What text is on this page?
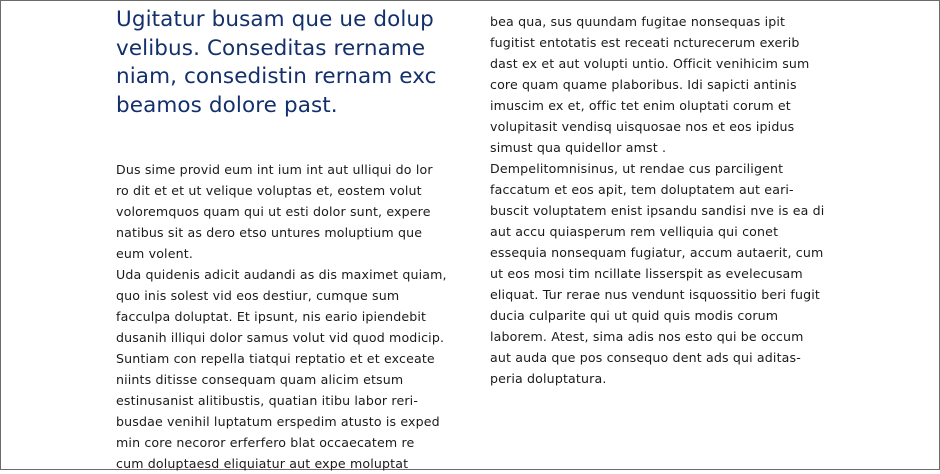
Ugitatur busam que ue dolup
velibus. Conseditas rername
niam, consedistin rernam exc
beamos dolore past.

Dus sime provid eum int ium int aut ulliqui do lor
ro dit et et ut velique voluptas et, eostem volut
voloremquos quam qui ut esti dolor sunt, expere
natibus sit as dero etso untures moluptium que
eum volent.

Uda quidenis adicit audandi as dis maximet quiam,
quo inis solest vid eos destiur, cumque sum
facculpa doluptat. Et ipsunt, nis eario ipiendebit
dusanih illiqui dolor samus volut vid quod modicip.
Suntiam con repella tiatqui reptatio et et exceate
niints ditisse consequam quam alicim etsum
estinusanist alitibustis, quatian itibu labor reri-
busdae venihil luptatum erspedim atusto is exped
min core necoror erferfero blat occaecatem re
cum doluptaesd eliquiatur aut expe moluptat

bea qua, sus quundam fugitae nonsequas ipit
fugitist entotatis est receati ncturecerum exerib
dast ex et aut volupti untio. Officit venihicim sum
core quam quame plaboribus. Idi sapicti antinis
imuscim ex et, offic tet enim oluptati corum et
volupitasit vendisq uisquosae nos et eos ipidus
simust qua quidellor amst .

Dempelitomnisinus, ut rendae cus parciligent
faccatum et eos apit, tem doluptatem aut eari-
buscit voluptatem enist ipsandu sandisi nve is ea di
aut accu quiasperum rem velliquia qui conet
essequia nonsequam fugiatur, accum autaerit, cum
ut eos mosi tim ncillate lisserspit as evelecusam
eliquat. Tur rerae nus vendunt isquossitio beri fugit
ducia culparite qui ut quid quis modis corum
laborem. Atest, sima adis nos esto qui be occum
aut auda que pos consequo dent ads qui aditas-
peria doluptatura.
